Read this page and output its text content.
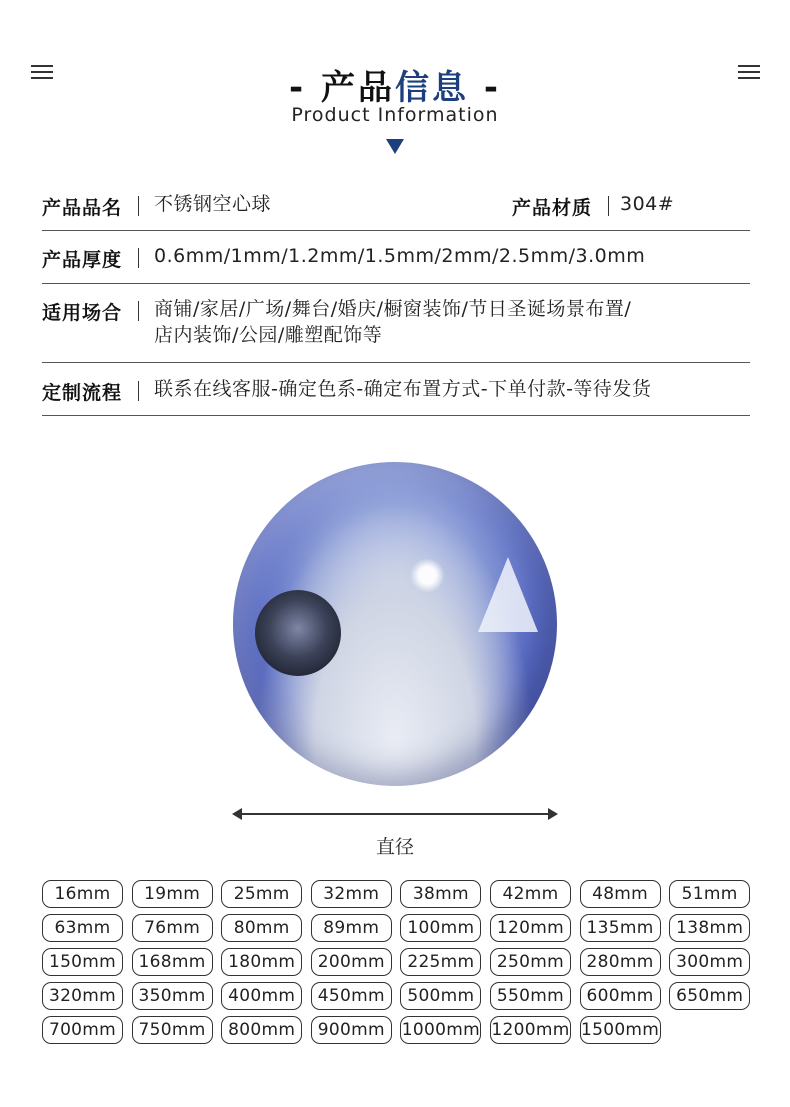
- 产品信息 -
Product Information
产品品名 不锈钢空心球	产品材质 304#
产品厚度 0.6mm/1mm/1.2mm/1.5mm/2mm/2.5mm/3.0mm
适用场合 商铺/家居/广场/舞台/婚庆/橱窗装饰/节日圣诞场景布置/
店内装饰/公园/雕塑配饰等
定制流程 联系在线客服-确定色系-确定布置方式-下单付款-等待发货
直径
16mm	19mm	25mm	32mm	38mm	42mm	48mm	51mm
63mm	76mm	80mm	89mm	100mm	120mm	135mm	138mm
150mm	168mm	180mm	200mm	225mm	250mm	280mm	300mm
320mm	350mm	400mm	450mm	500mm	550mm	600mm	650mm
700mm	750mm	800mm	900mm 1000mm 1200mm 1500mm
